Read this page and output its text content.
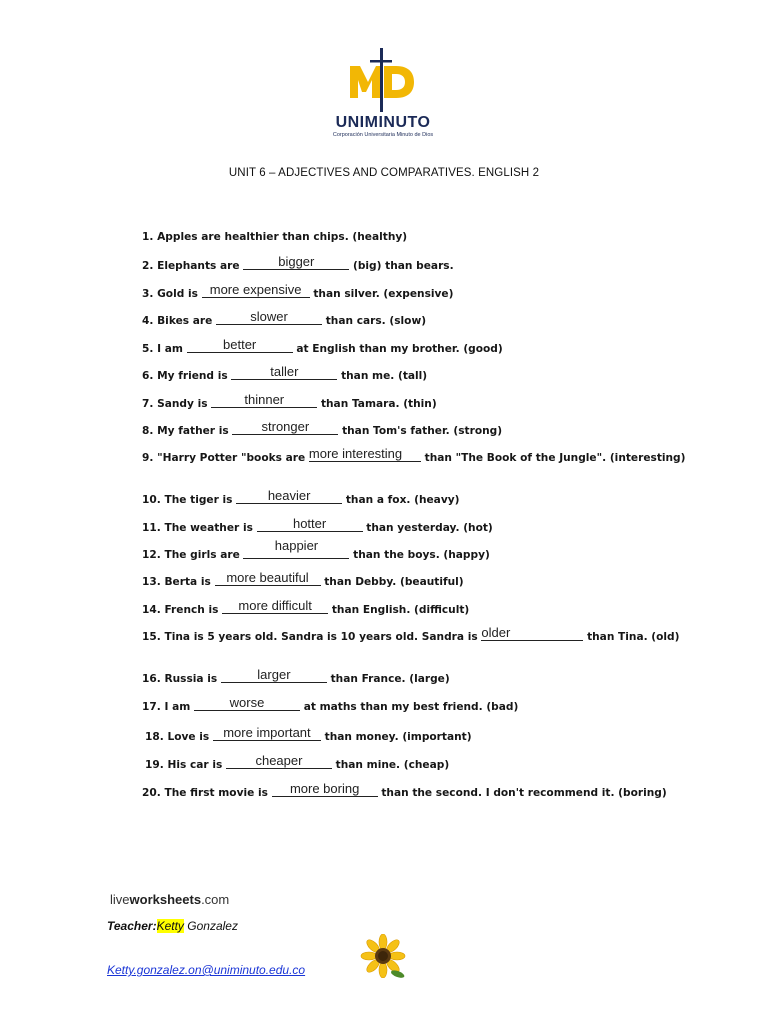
UNIMINUTO
Corporación Universitaria Minuto de Dios
UNIT 6 – ADJECTIVES AND COMPARATIVES. ENGLISH 2
1. Apples are healthier than chips. (healthy)
2. Elephants are	bigger	(big) than bears.
3. Gold is more expensive	than silver. (expensive)
4. Bikes are	slower	than cars. (slow)
5. I am	better	at English than my brother. (good)
6. My friend is	taller	than me. (tall)
7. Sandy is	thinner	than Tamara. (thin)
8. My father is	stronger	than Tom's father. (strong)
9. "Harry Potter "books are more interesting	than "The Book of the Jungle". (interesting)
10. The tiger is	heavier	than a fox. (heavy)
11. The weather is	hotter	than yesterday. (hot)
12. The girls are
happier
than the boys. (happy)
13. Berta is	more beautiful	than Debby. (beautiful)
14. French is	more difficult	than English. (difficult)
15. Tina is 5 years old. Sandra is 10 years old. Sandra is older	than Tina. (old)
16. Russia is	larger	than France. (large)
17. I am	worse	at maths than my best friend. (bad)
18. Love is	more important	than money. (important)
19. His car is	cheaper	than mine. (cheap)
20. The first movie is	more boring	than the second. I don't recommend it. (boring)
liveworksheets.com
Teacher:Ketty Gonzalez
Ketty.gonzalez.on@uniminuto.edu.co
